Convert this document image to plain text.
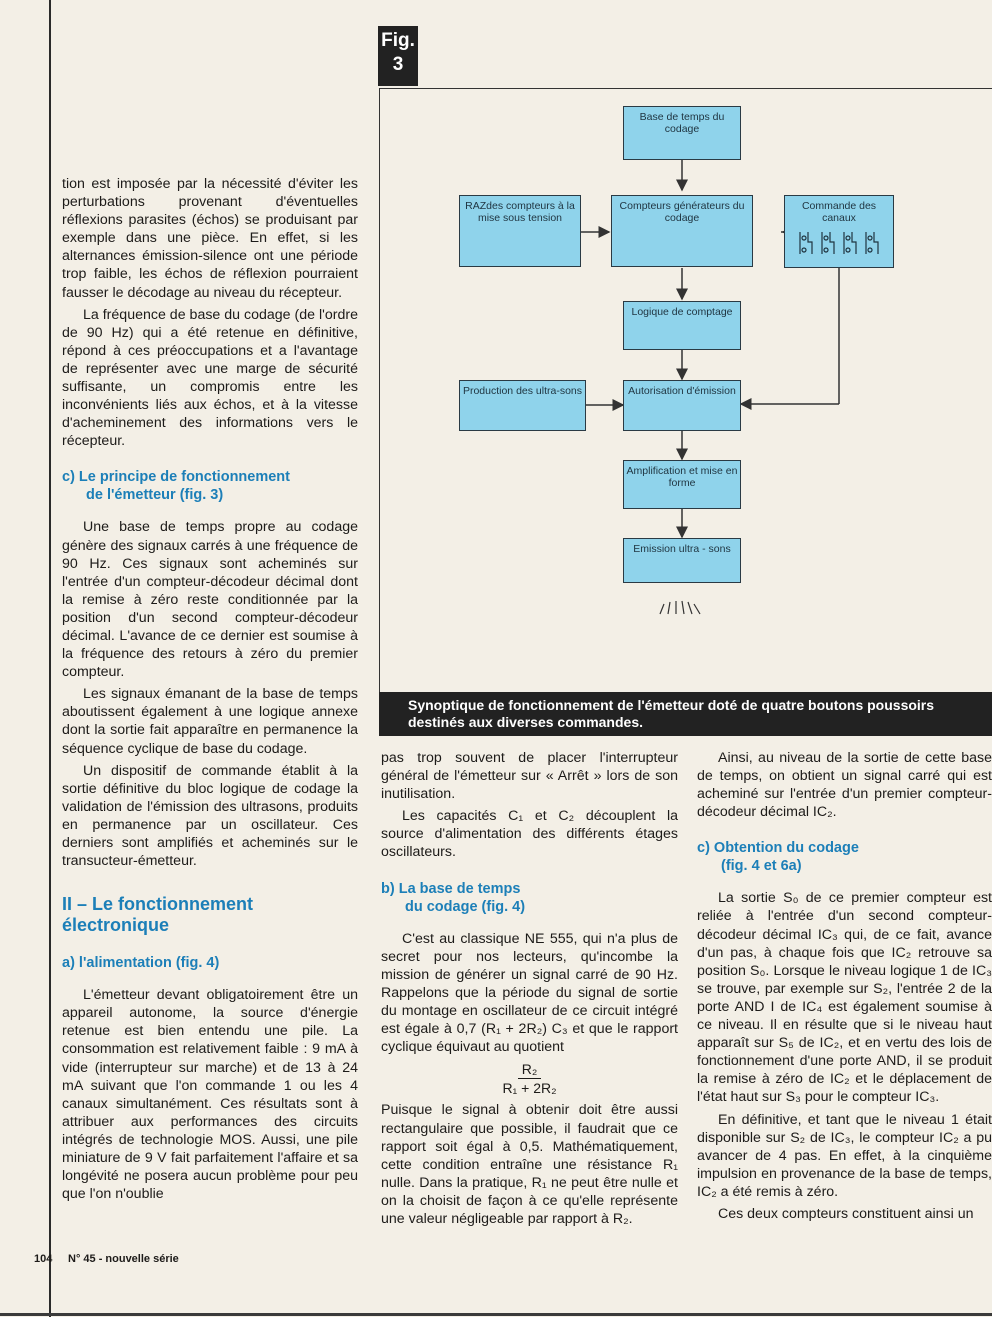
Fig.
3
Base de temps du codage
RAZdes compteurs à la mise sous tension
Compteurs générateurs du codage
Commande des canaux
Logique de comptage
Production des ultra-sons	Autorisation d'émission
Amplification et mise en forme
Emission ultra - sons
Synoptique de fonctionnement de l'émetteur doté de quatre boutons poussoirs destinés aux diverses commandes.

tion est imposée par la nécessité d'éviter les perturbations provenant d'éventuelles réflexions parasites (échos) se produisant par exemple dans une pièce. En effet, si les alternances émission-silence ont une période trop faible, les échos de réflexion pourraient fausser le décodage au niveau du récepteur.

La fréquence de base du codage (de l'ordre de 90 Hz) qui a été retenue en définitive, répond à ces préoccupations et a l'avantage de représenter avec une marge de sécurité suffisante, un compromis entre les inconvénients liés aux échos, et à la vitesse d'acheminement des informations vers le récepteur.

c) Le principe de fonctionnement
de l'émetteur (fig. 3)

Une base de temps propre au codage génère des signaux carrés à une fréquence de 90 Hz. Ces signaux sont acheminés sur l'entrée d'un compteur-décodeur décimal dont la remise à zéro reste conditionnée par la position d'un second compteur-décodeur décimal. L'avance de ce dernier est soumise à la fréquence des retours à zéro du premier compteur.

Les signaux émanant de la base de temps aboutissent également à une logique annexe dont la sortie fait apparaître en permanence la séquence cyclique de base du codage.

Un dispositif de commande établit à la sortie définitive du bloc logique de codage la validation de l'émission des ultrasons, produits en permanence par un oscillateur. Ces derniers sont amplifiés et acheminés sur le transucteur-émetteur.

II – Le fonctionnement
électronique
a) l'alimentation (fig. 4)

L'émetteur devant obligatoirement être un appareil autonome, la source d'énergie retenue est bien entendu une pile. La consommation est relativement faible : 9 mA à vide (interrupteur sur marche) et de 13 à 24 mA suivant que l'on commande 1 ou les 4 canaux simultanément. Ces résultats sont à attribuer aux performances des circuits intégrés de technologie MOS. Aussi, une pile miniature de 9 V fait parfaitement l'affaire et sa longévité ne posera aucun problème pour peu que l'on n'oublie

pas trop souvent de placer l'interrupteur général de l'émetteur sur « Arrêt » lors de son inutilisation.

Les capacités C₁ et C₂ découplent la source d'alimentation des différents étages oscillateurs.

b) La base de temps
du codage (fig. 4)

C'est au classique NE 555, qui n'a plus de secret pour nos lecteurs, qu'incombe la mission de générer un signal carré de 90 Hz. Rappelons que la période du signal de sortie du montage en oscillateur de ce circuit intégré est égale à 0,7 (R₁ + 2R₂) C₃ et que le rapport cyclique équivaut au quotient

R₂
R₁ + 2R₂

Puisque le signal à obtenir doit être aussi rectangulaire que possible, il faudrait que ce rapport soit égal à 0,5. Mathématiquement, cette condition entraîne une résistance R₁ nulle. Dans la pratique, R₁ ne peut être nulle et on la choisit de façon à ce qu'elle représente une valeur négligeable par rapport à R₂.

Ainsi, au niveau de la sortie de cette base de temps, on obtient un signal carré qui est acheminé sur l'entrée d'un premier compteur-décodeur décimal IC₂.

c) Obtention du codage
(fig. 4 et 6a)

La sortie S₀ de ce premier compteur est reliée à l'entrée d'un second compteur-décodeur décimal IC₃ qui, de ce fait, avance d'un pas, à chaque fois que IC₂ retrouve sa position S₀. Lorsque le niveau logique 1 de IC₃ se trouve, par exemple sur S₂, l'entrée 2 de la porte AND I de IC₄ est également soumise à ce niveau. Il en résulte que si le niveau haut apparaît sur S₅ de IC₂, et en vertu des lois de fonctionnement d'une porte AND, il se produit la remise à zéro de IC₂ et le déplacement de l'état haut sur S₃ pour le compteur IC₃.

En définitive, et tant que le niveau 1 était disponible sur S₂ de IC₃, le compteur IC₂ a pu avancer de 4 pas. En effet, à la cinquième impulsion en provenance de la base de temps, IC₂ a été remis à zéro.

Ces deux compteurs constituent ainsi un

104 N° 45 - nouvelle série
